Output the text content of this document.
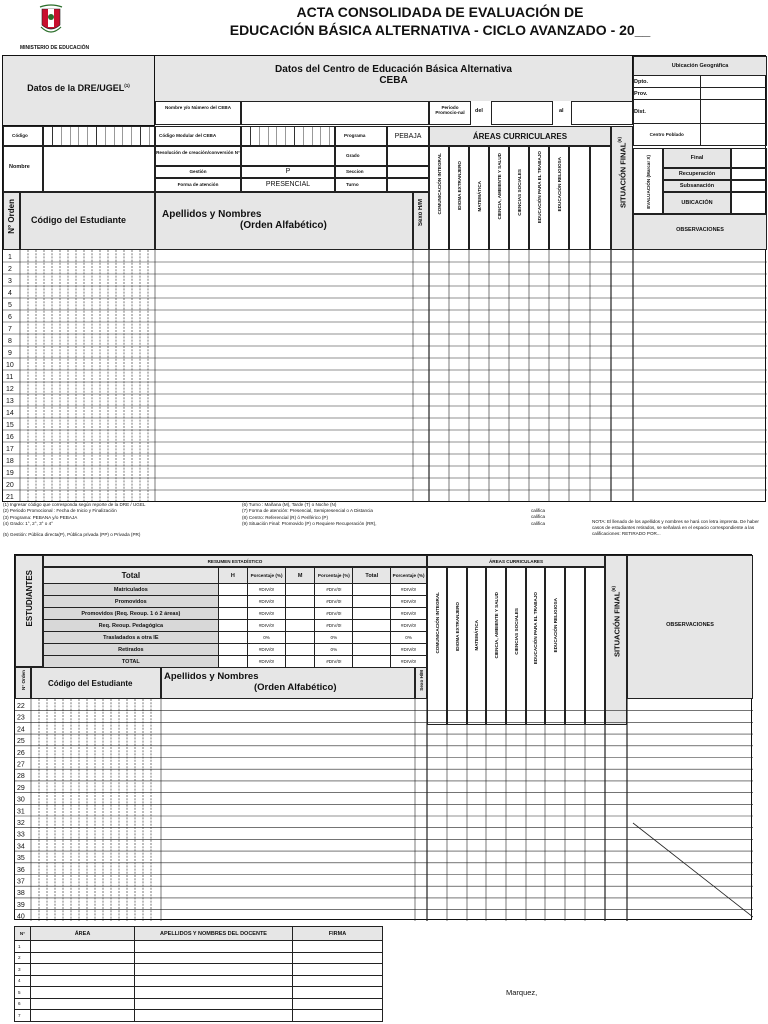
MINISTERIO DE EDUCACIÓN
ACTA CONSOLIDADA DE EVALUACIÓN DE
EDUCACIÓN BÁSICA ALTERNATIVA - CICLO AVANZADO - 20__
Datos de la DRE/UGEL$^{(1)}$
Datos del Centro de Educación Básica Alternativa
CEBA
Ubicación Geográfica	
Dpto.	
Prov.	
Dist.	
Centro Poblado	
Nombre y/o Número del CEBA	Periodo Promocio-nal	del	al
Código	Código Modular del CEBA	Programa	PEBAJA	ÁREAS CURRICULARES
Nombre
Resolución de creación/conversión N°
Grado
Gestión	P	Seccion
Forma de atención	PRESENCIAL	Turno
N° Orden	Código del Estudiante	Apellidos y Nombres
(Orden Alfabético)	Sexo H/M	COMUNICACIÓN INTEGRAL	IDIOMA EXTRANJERO	MATEMÁTICA	CIENCIA, AMBIENTE Y SALUD	CIENCIAS SOCIALES	EDUCACIÓN PARA EL TRABAJO	EDUCACIÓN RELIGIOSA	SITUACIÓN FINAL$^{(6)}$
EVALUACIÓN (Marcar X)	Final
Recuperación
Subsanación
UBICACIÓN
OBSERVACIONES
1
2
3
4
5
6
7
8
9
10
11
12
13
14
15
16
17
18
19
20
21
(1) Ingresar código que corresponda según reporte de la DRE / UGEL
(2) Periodo Promocional : Fecha de Inicio y Finalización
(3) Programa: PEBANA y/o PEBAJA
(4) Grado: 1°, 2°, 3° o 4°
(5) Gestión: Pública directa(P), Pública privada (PP) o Privada (PR)
(6) Turno : Mañana (M), Tarde (T) o Noche (N)
(7) Forma de atención: Presencial, Semipresencial o A Distancia
(8) Centro: Referencial (R) ó Periférico (P)
(9) Situación Final: Promovido (P) o Requiere Recuperación (RR),
califica
califica
califica	NOTA: El llenado de los apellidos y nombres se hará con letra imprenta. De haber casos de estudiantes retirados, se señalará en el espacio correspondiente a las calificaciones: RETIRADO POR...
ESTUDIANTES
RESUMEN ESTADÍSTICO
Total	H	Porcentaje (%)	M	Porcentaje (%)	Total	Porcentaje (%)
Matriculados		#DIV/0!		#DIV/0!		#DIV/0!
Promovidos		#DIV/0!		#DIV/0!		#DIV/0!
Promovidos (Req. Reoup. 1 ó 2 áreas)		#DIV/0!		#DIV/0!		#DIV/0!
Req. Reoup. Pedagógica		#DIV/0!		#DIV/0!		#DIV/0!
Trasladados a otra IE		0%		0%		0%
Retirados		#DIV/0!		0%		#DIV/0!
TOTAL		#DIV/0!		#DIV/0!		#DIV/0!
ÁREAS CURRICULARES
COMUNICACIÓN INTEGRAL	IDIOMA EXTRANJERO	MATEMÁTICA	CIENCIA, AMBIENTE Y SALUD	CIENCIAS SOCIALES	EDUCACIÓN PARA EL TRABAJO	EDUCACIÓN RELIGIOSA	SITUACIÓN FINAL$^{(6)}$
OBSERVACIONES
N° Orden	Código del Estudiante
Apellidos y Nombres
(Orden Alfabético)	Sexo H/M
22
23
24
25
26
27
28
29
30
31
32
33
34
35
36
37
38
39
40
N°	ÁREA	APELLIDOS Y NOMBRES DEL DOCENTE	FIRMA
1			
2			
3			
4			
5			
6			
7			
Marquez,
